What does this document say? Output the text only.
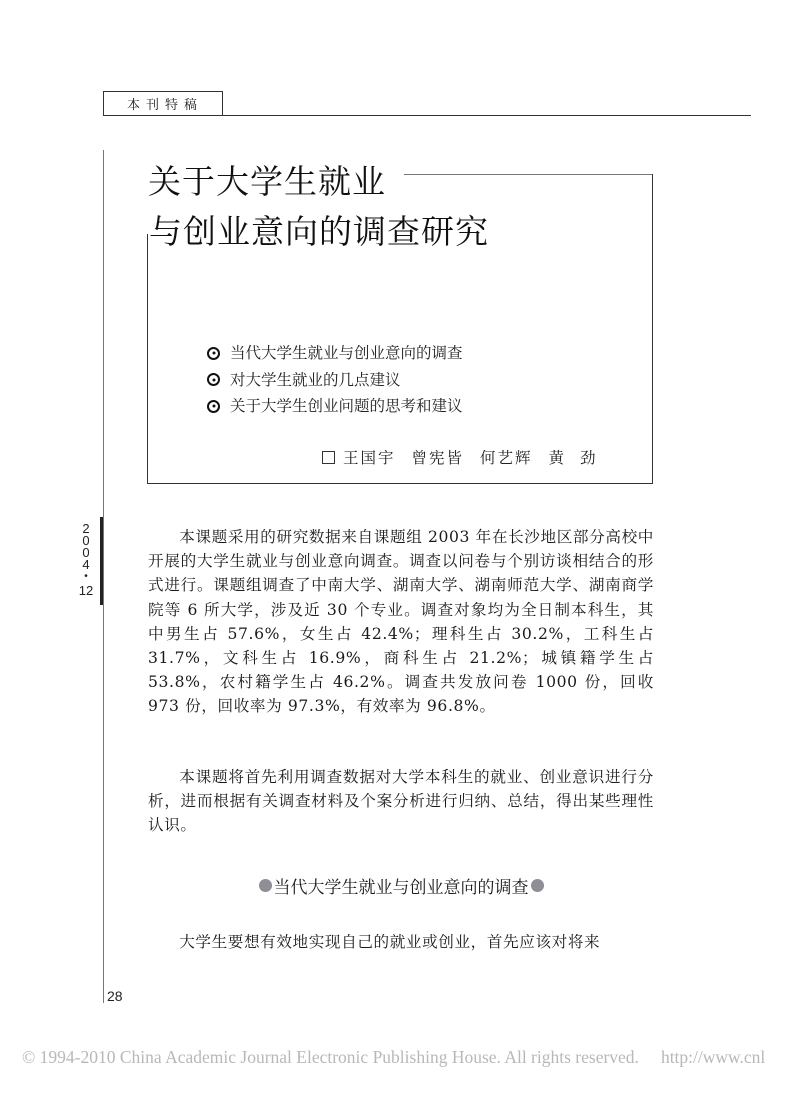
本刊特稿
2
0
0
4
•
12
关于大学生就业
与创业意向的调查研究
当代大学生就业与创业意向的调查
对大学生就业的几点建议
关于大学生创业问题的思考和建议
王国宇 曾宪皆 何艺辉 黄劲

本课题采用的研究数据来自课题组 2003 年在长沙地区部分高校中开展的大学生就业与创业意向调查。调查以问卷与个别访谈相结合的形式进行。课题组调查了中南大学、湖南大学、湖南师范大学、湖南商学院等 6 所大学，涉及近 30 个专业。调查对象均为全日制本科生，其中男生占 57.6%，女生占 42.4%；理科生占 30.2%，工科生占 31.7%，文科生占 16.9%，商科生占 21.2%；城镇籍学生占 53.8%，农村籍学生占 46.2%。调查共发放问卷 1000 份，回收 973 份，回收率为 97.3%，有效率为 96.8%。

本课题将首先利用调查数据对大学本科生的就业、创业意识进行分析，进而根据有关调查材料及个案分析进行归纳、总结，得出某些理性认识。

当代大学生就业与创业意向的调查

大学生要想有效地实现自己的就业或创业，首先应该对将来

28
© 1994-2010 China Academic Journal Electronic Publishing House. All rights reserved. http://www.cnl
